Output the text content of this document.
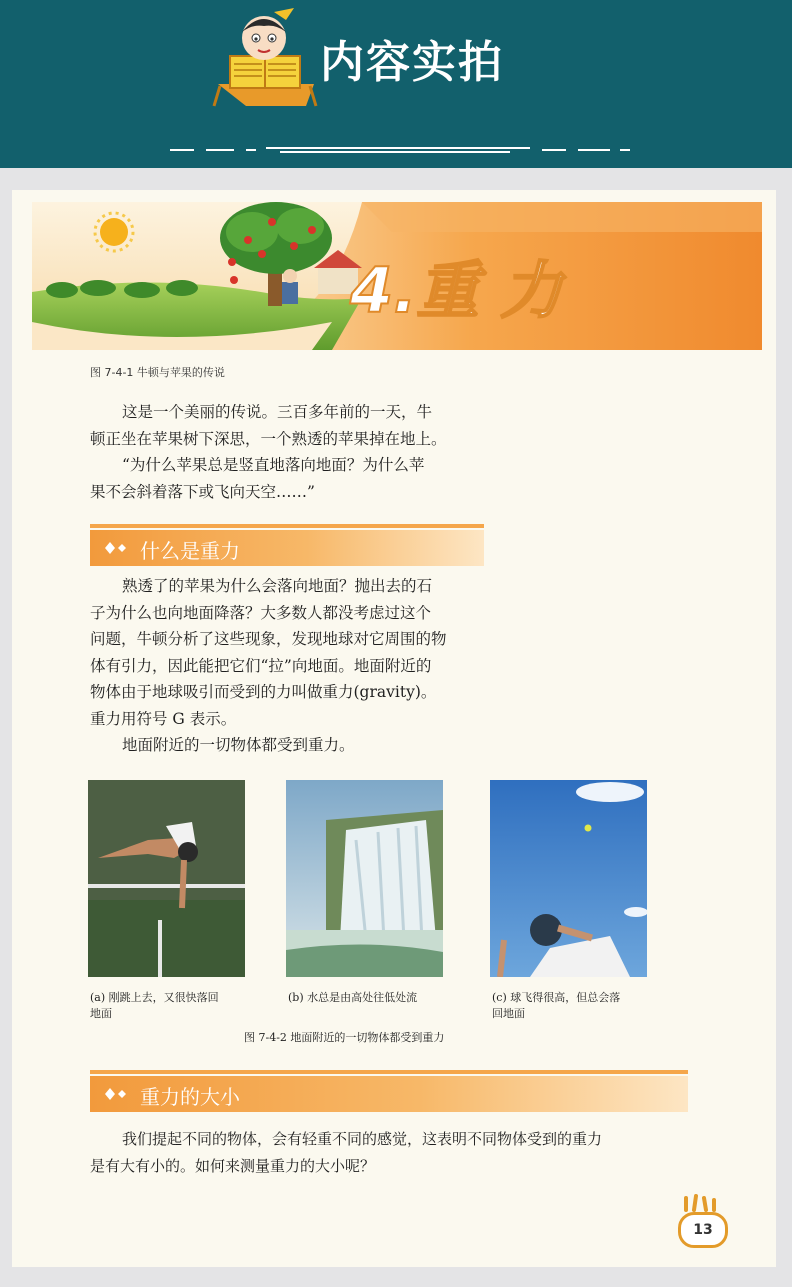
内容实拍
4.重 力
图 7-4-1 牛顿与苹果的传说
这是一个美丽的传说。三百多年前的一天，牛
顿正坐在苹果树下深思，一个熟透的苹果掉在地上。
“为什么苹果总是竖直地落向地面？为什么苹
果不会斜着落下或飞向天空……”
什么是重力
熟透了的苹果为什么会落向地面？抛出去的石
子为什么也向地面降落？大多数人都没考虑过这个
问题，牛顿分析了这些现象，发现地球对它周围的物
体有引力，因此能把它们“拉”向地面。地面附近的
物体由于地球吸引而受到的力叫做重力(gravity)。
重力用符号 G 表示。
地面附近的一切物体都受到重力。
(a) 刚跳上去，又很快落回
地面
(b) 水总是由高处往低处流	(c) 球飞得很高，但总会落
回地面
图 7-4-2 地面附近的一切物体都受到重力
重力的大小
我们提起不同的物体，会有轻重不同的感觉，这表明不同物体受到的重力
是有大有小的。如何来测量重力的大小呢？
13
